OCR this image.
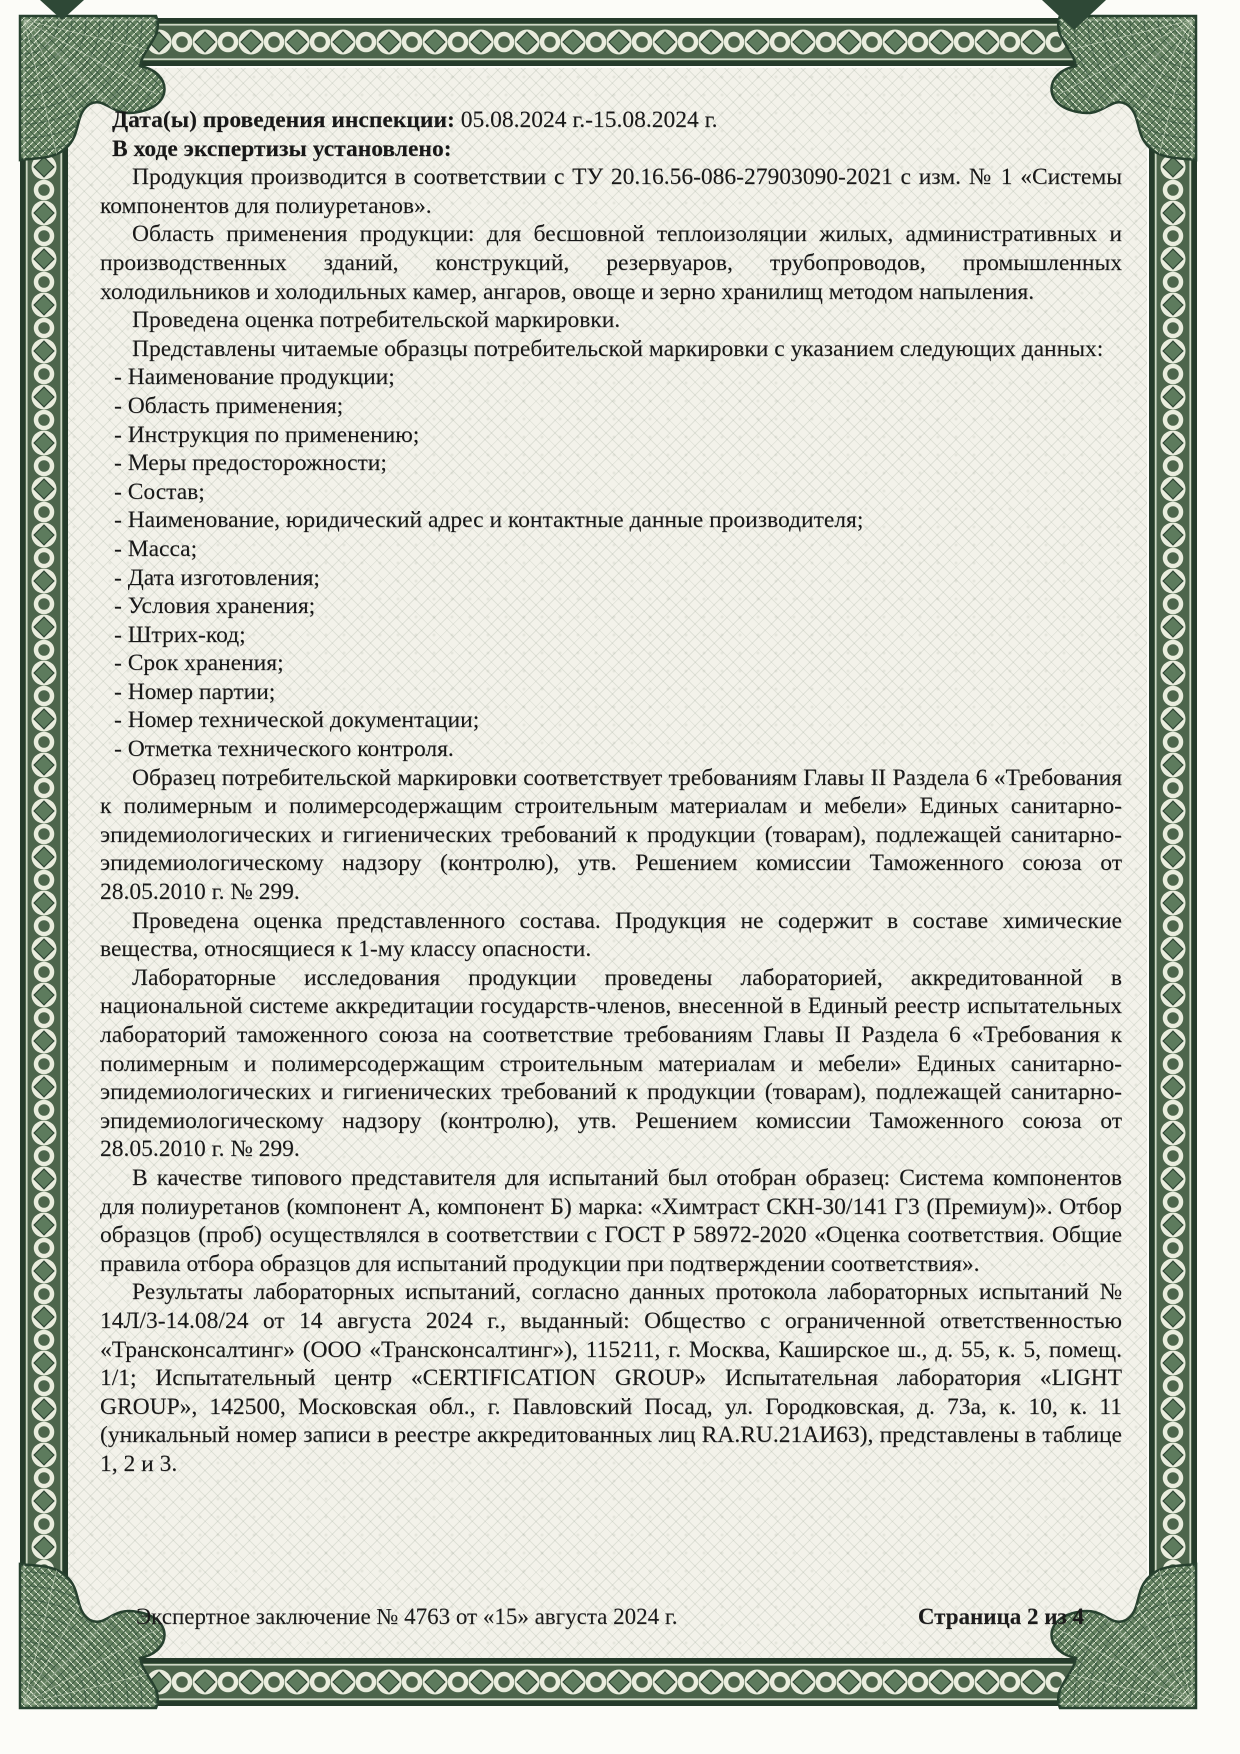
Дата(ы) проведения инспекции: 05.08.2024 г.-15.08.2024 г.

В ходе экспертизы установлено:

Продукция производится в соответствии с ТУ 20.16.56-086-27903090-2021 с изм. № 1 «Системы компонентов для полиуретанов».

Область применения продукции: для бесшовной теплоизоляции жилых, административных и производственных зданий, конструкций, резервуаров, трубопроводов, промышленных холодильников и холодильных камер, ангаров, овоще и зерно хранилищ методом напыления.

Проведена оценка потребительской маркировки.

Представлены читаемые образцы потребительской маркировки с указанием следующих данных:

- Наименование продукции;

- Область применения;

- Инструкция по применению;

- Меры предосторожности;

- Состав;

- Наименование, юридический адрес и контактные данные производителя;

- Масса;

- Дата изготовления;

- Условия хранения;

- Штрих-код;

- Срок хранения;

- Номер партии;

- Номер технической документации;

- Отметка технического контроля.

Образец потребительской маркировки соответствует требованиям Главы II Раздела 6 «Требования к полимерным и полимерсодержащим строительным материалам и мебели» Единых санитарно-эпидемиологических и гигиенических требований к продукции (товарам), подлежащей санитарно-эпидемиологическому надзору (контролю), утв. Решением комиссии Таможенного союза от 28.05.2010 г. № 299.

Проведена оценка представленного состава. Продукция не содержит в составе химические вещества, относящиеся к 1-му классу опасности.

Лабораторные исследования продукции проведены лабораторией, аккредитованной в национальной системе аккредитации государств-членов, внесенной в Единый реестр испытательных лабораторий таможенного союза на соответствие требованиям Главы II Раздела 6 «Требования к полимерным и полимерсодержащим строительным материалам и мебели» Единых санитарно-эпидемиологических и гигиенических требований к продукции (товарам), подлежащей санитарно-эпидемиологическому надзору (контролю), утв. Решением комиссии Таможенного союза от 28.05.2010 г. № 299.

В качестве типового представителя для испытаний был отобран образец: Система компонентов для полиуретанов (компонент А, компонент Б) марка: «Химтраст СКН-30/141 Г3 (Премиум)». Отбор образцов (проб) осуществлялся в соответствии с ГОСТ Р 58972-2020 «Оценка соответствия. Общие правила отбора образцов для испытаний продукции при подтверждении соответствия».

Результаты лабораторных испытаний, согласно данных протокола лабораторных испытаний № 14Л/3-14.08/24 от 14 августа 2024 г., выданный: Общество с ограниченной ответственностью «Трансконсалтинг» (ООО «Трансконсалтинг»), 115211, г. Москва, Каширское ш., д. 55, к. 5, помещ. 1/1; Испытательный центр «CERTIFICATION GROUP» Испытательная лаборатория «LIGHT GROUP», 142500, Московская обл., г. Павловский Посад, ул. Городковская, д. 73а, к. 10, к. 11 (уникальный номер записи в реестре аккредитованных лиц RA.RU.21АИ63), представлены в таблице 1, 2 и 3.

Экспертное заключение № 4763 от «15» августа 2024 г.	Страница 2 из 4
